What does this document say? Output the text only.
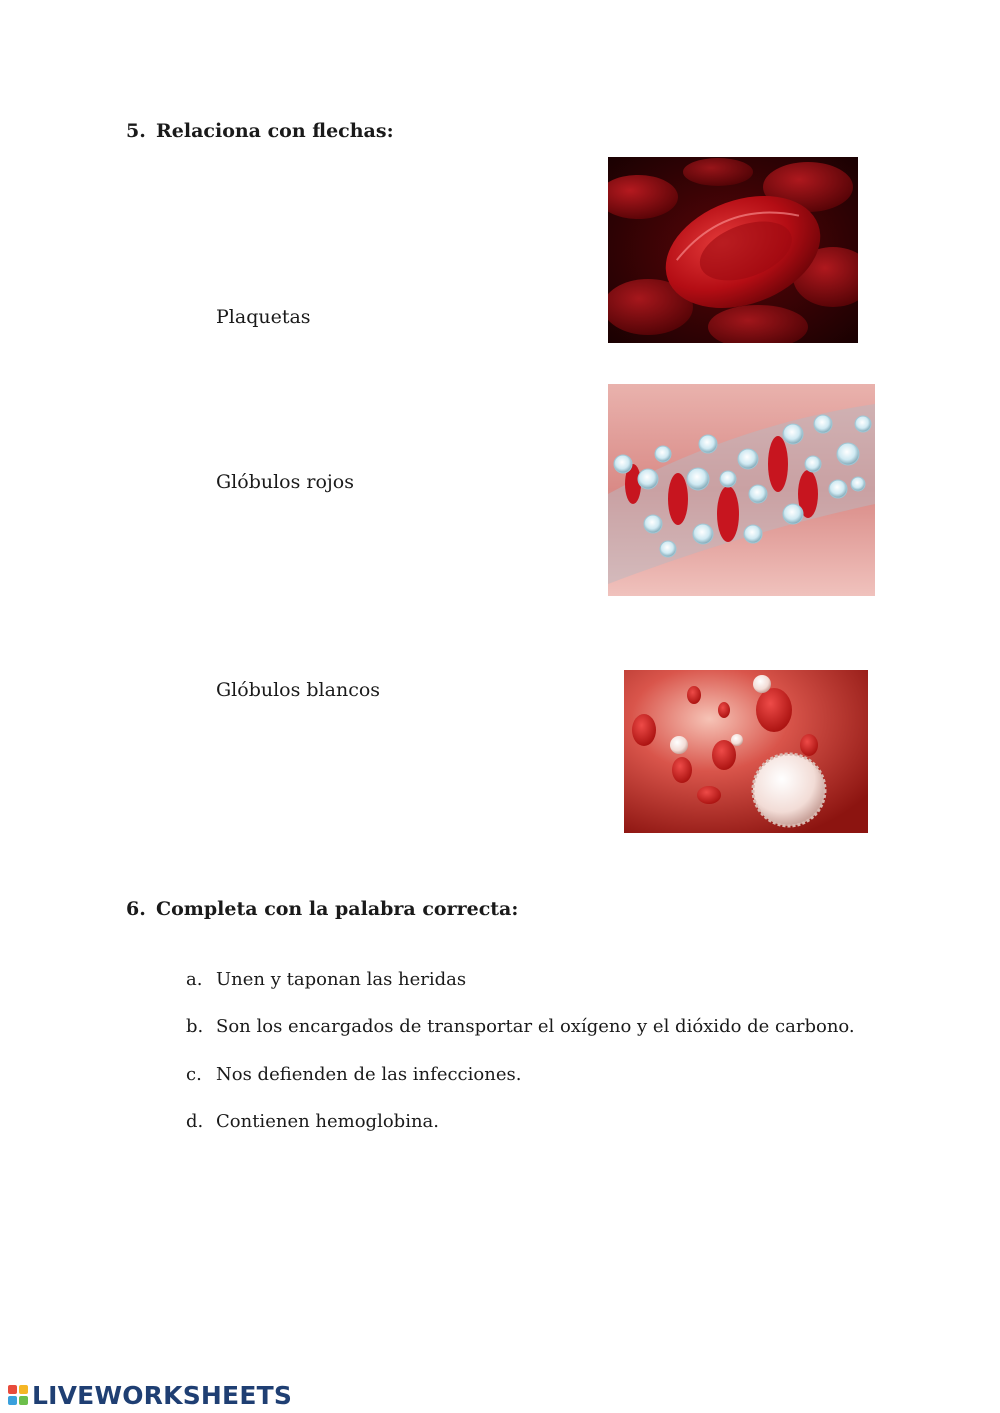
5. Relaciona con flechas:
Plaquetas
Glóbulos rojos
Glóbulos blancos
6. Completa con la palabra correcta:
a. Unen y taponan las heridas
b. Son los encargados de transportar el oxígeno y el dióxido de carbono.
c. Nos defienden de las infecciones.
d. Contienen hemoglobina.
LIVEWORKSHEETS
